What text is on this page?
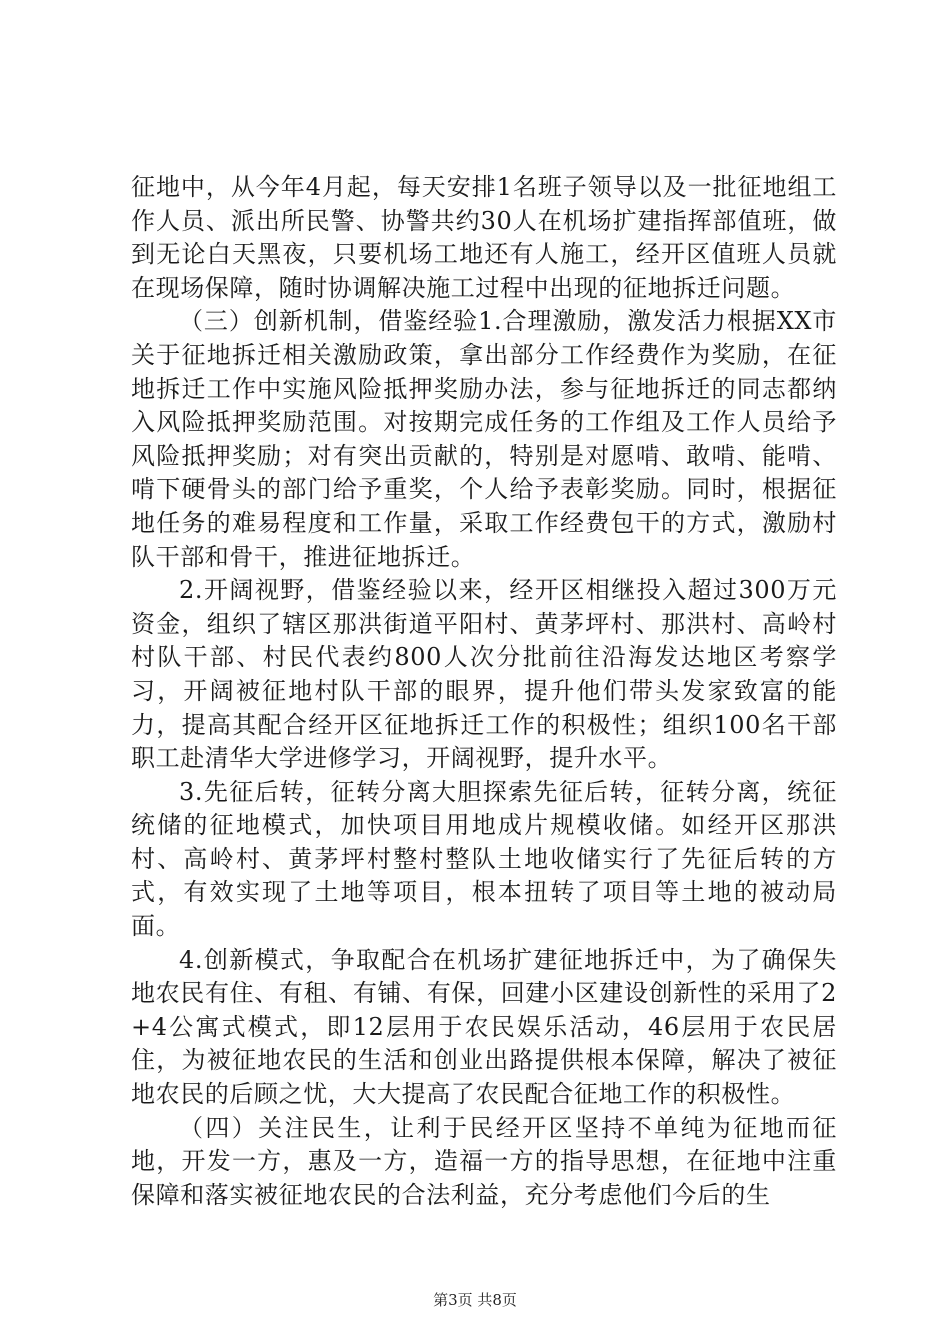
征地中，从今年4月起，每天安排1名班子领导以及一批征地组工作人员、派出所民警、协警共约30人在机场扩建指挥部值班，做到无论白天黑夜，只要机场工地还有人施工，经开区值班人员就在现场保障，随时协调解决施工过程中出现的征地拆迁问题。

（三）创新机制，借鉴经验1.合理激励，激发活力根据XX市关于征地拆迁相关激励政策，拿出部分工作经费作为奖励，在征地拆迁工作中实施风险抵押奖励办法，参与征地拆迁的同志都纳入风险抵押奖励范围。对按期完成任务的工作组及工作人员给予风险抵押奖励；对有突出贡献的，特别是对愿啃、敢啃、能啃、啃下硬骨头的部门给予重奖，个人给予表彰奖励。同时，根据征地任务的难易程度和工作量，采取工作经费包干的方式，激励村队干部和骨干，推进征地拆迁。

2.开阔视野，借鉴经验以来，经开区相继投入超过300万元资金，组织了辖区那洪街道平阳村、黄茅坪村、那洪村、高岭村村队干部、村民代表约800人次分批前往沿海发达地区考察学习，开阔被征地村队干部的眼界，提升他们带头发家致富的能力，提高其配合经开区征地拆迁工作的积极性；组织100名干部职工赴清华大学进修学习，开阔视野，提升水平。

3.先征后转，征转分离大胆探索先征后转，征转分离，统征统储的征地模式，加快项目用地成片规模收储。如经开区那洪村、高岭村、黄茅坪村整村整队土地收储实行了先征后转的方式，有效实现了土地等项目，根本扭转了项目等土地的被动局面。

4.创新模式，争取配合在机场扩建征地拆迁中，为了确保失地农民有住、有租、有铺、有保，回建小区建设创新性的采用了2+4公寓式模式，即12层用于农民娱乐活动，46层用于农民居住，为被征地农民的生活和创业出路提供根本保障，解决了被征地农民的后顾之忧，大大提高了农民配合征地工作的积极性。

（四）关注民生，让利于民经开区坚持不单纯为征地而征地，开发一方，惠及一方，造福一方的指导思想，在征地中注重保障和落实被征地农民的合法利益，充分考虑他们今后的生

第3页 共8页
